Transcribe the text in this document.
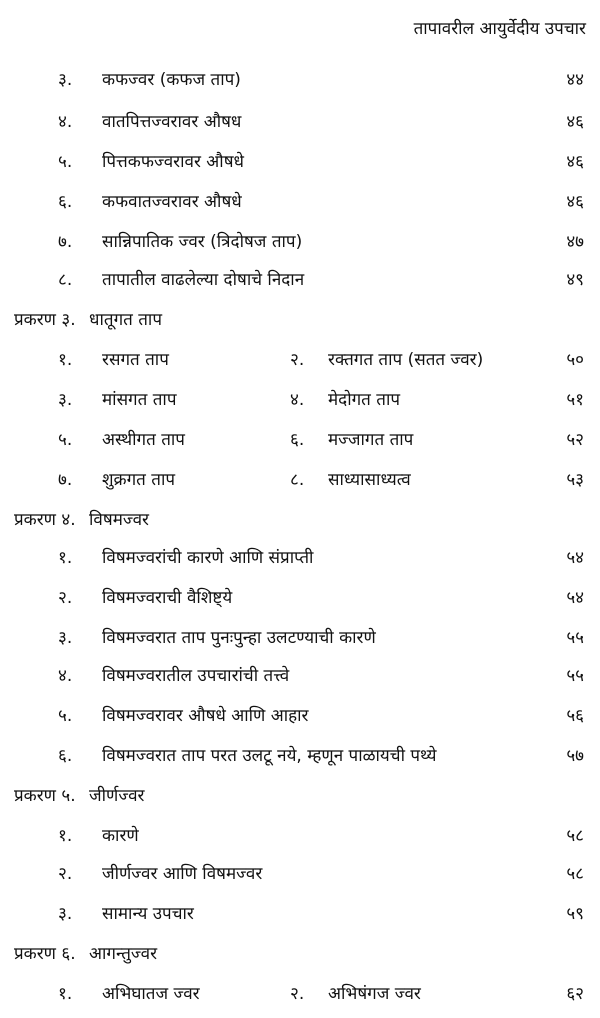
तापावरील आयुर्वेदीय उपचार
३. कफज्वर (कफज ताप)	४४
४. वातपित्तज्वरावर औषध	४६
५. पित्तकफज्वरावर औषधे	४६
६. कफवातज्वरावर औषधे	४६
७. सान्निपातिक ज्वर (त्रिदोषज ताप)	४७
८. तापातील वाढलेल्या दोषाचे निदान	४९
प्रकरण ३. धातूगत ताप
१. रसगत ताप	२. रक्तगत ताप (सतत ज्वर)	५०
३. मांसगत ताप	४. मेदोगत ताप	५१
५. अस्थीगत ताप	६. मज्जागत ताप	५२
७. शुक्रगत ताप	८. साध्यासाध्यत्व	५३
प्रकरण ४. विषमज्वर
१. विषमज्वरांची कारणे आणि संप्राप्ती	५४
२. विषमज्वराची वैशिष्ट्ये	५४
३. विषमज्वरात ताप पुनःपुन्हा उलटण्याची कारणे	५५
४. विषमज्वरातील उपचारांची तत्त्वे	५५
५. विषमज्वरावर औषधे आणि आहार	५६
६. विषमज्वरात ताप परत उलटू नये, म्हणून पाळायची पथ्ये	५७
प्रकरण ५. जीर्णज्वर
१. कारणे	५८
२. जीर्णज्वर आणि विषमज्वर	५८
३. सामान्य उपचार	५९
प्रकरण ६. आगन्तुज्वर
१. अभिघातज ज्वर	२. अभिषंगज ज्वर	६२
